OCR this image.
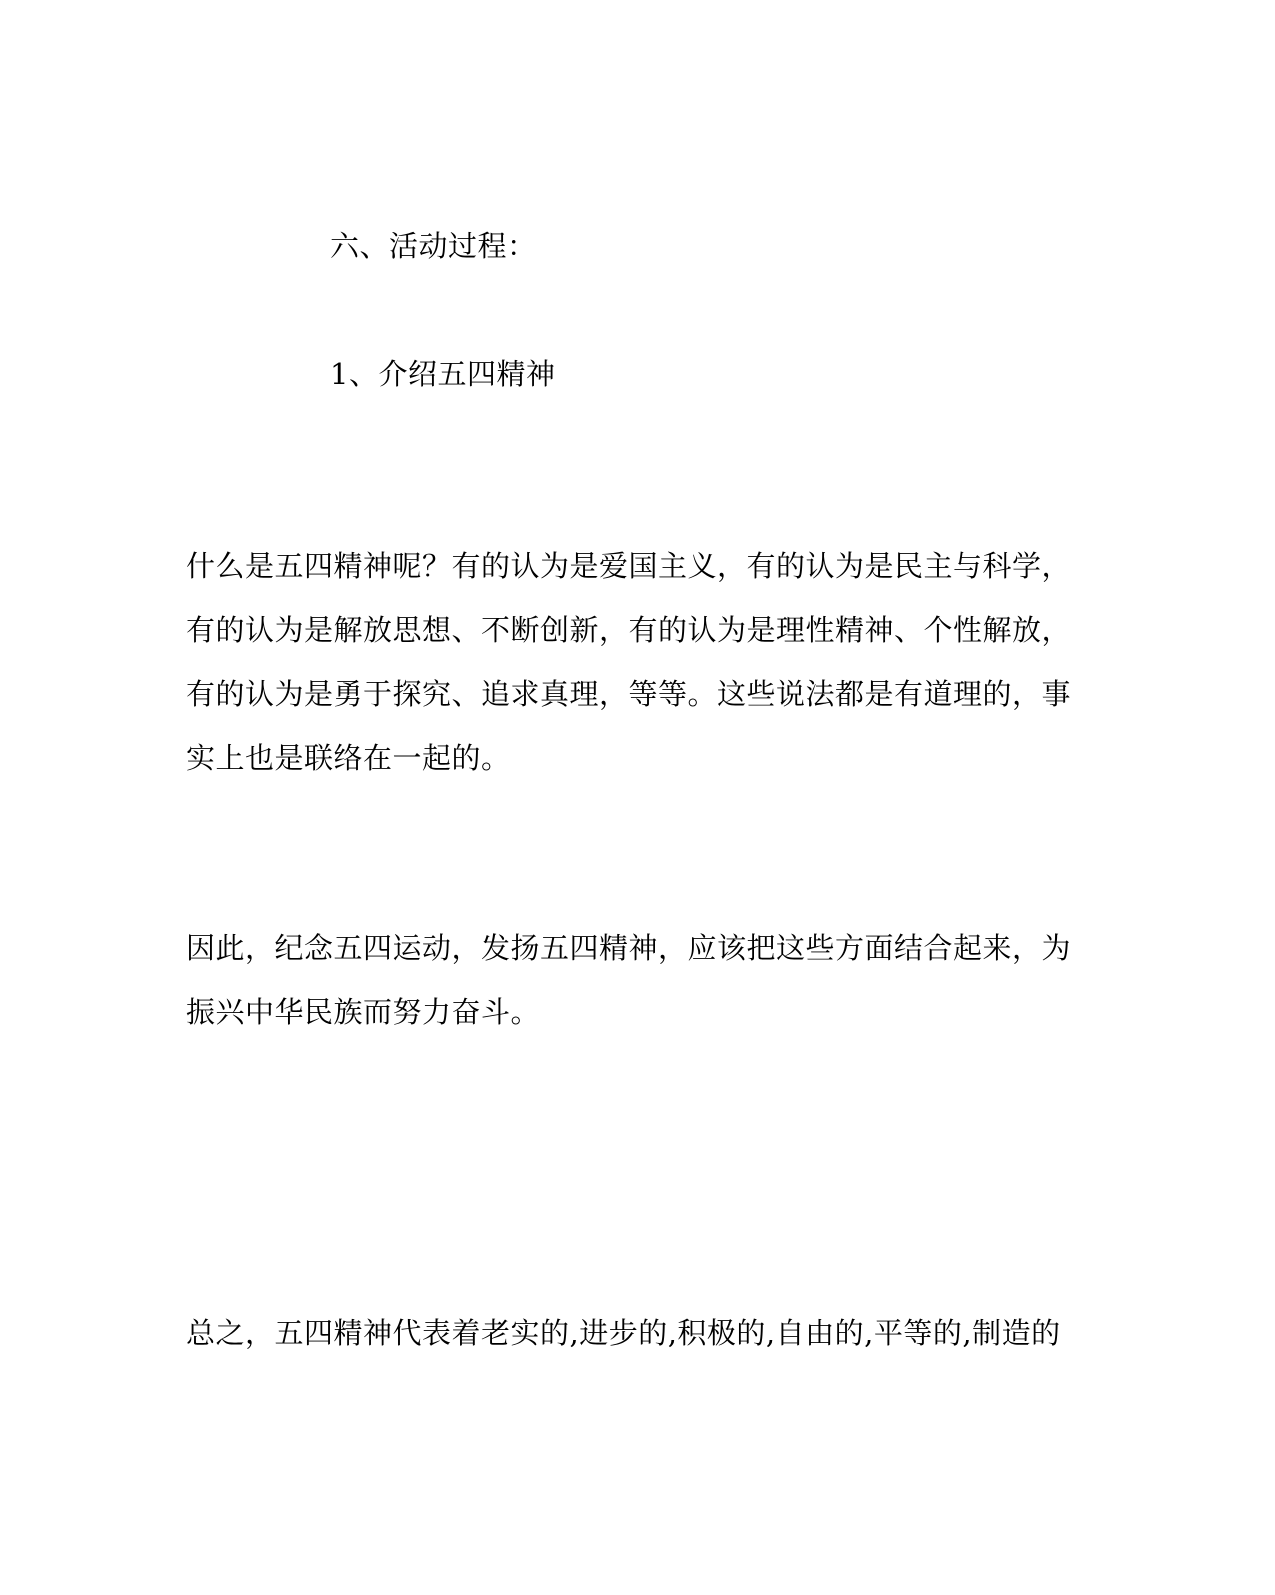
六、活动过程：

1、介绍五四精神

什么是五四精神呢？有的认为是爱国主义，有的认为是民主与科学，

有的认为是解放思想、不断创新，有的认为是理性精神、个性解放，

有的认为是勇于探究、追求真理，等等。这些说法都是有道理的，事

实上也是联络在一起的。

因此，纪念五四运动，发扬五四精神，应该把这些方面结合起来，为

振兴中华民族而努力奋斗。

总之，五四精神代表着老实的,进步的,积极的,自由的,平等的,制造的
